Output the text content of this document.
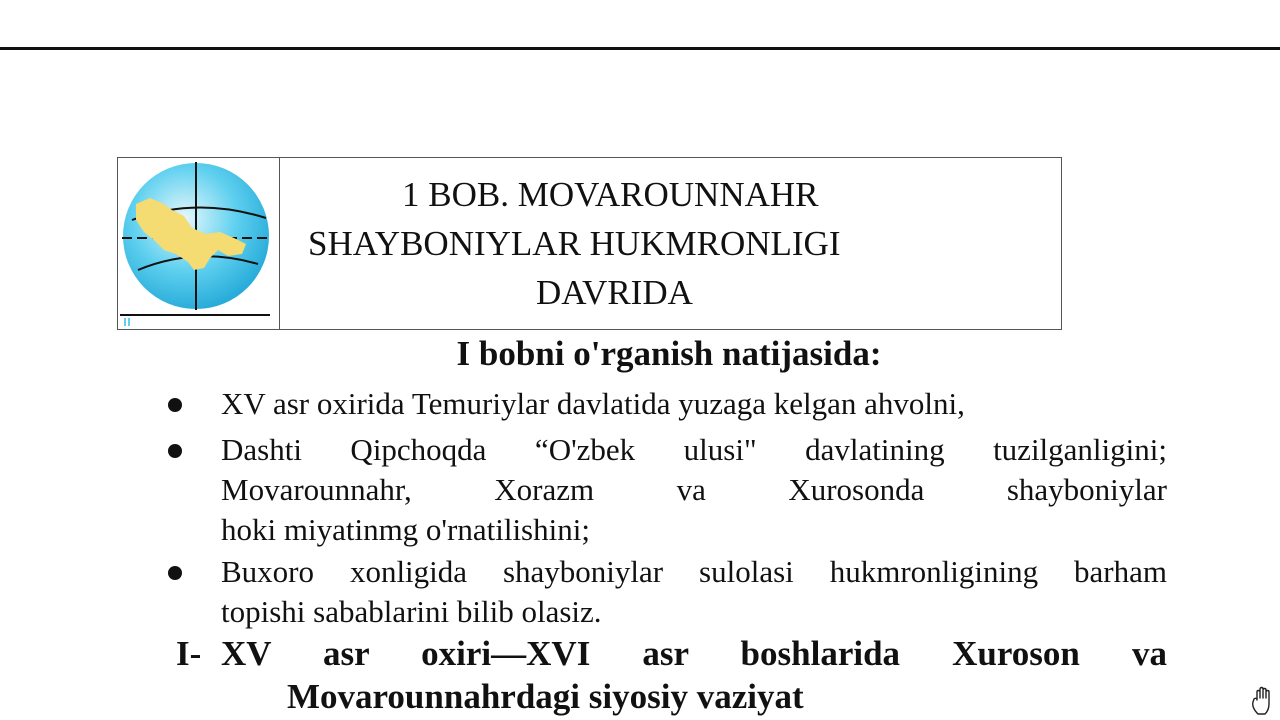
1 BOB. MOVAROUNNAHR
SHAYBONIYLAR HUKMRONLIGI
DAVRIDA
I bobni o'rganish natijasida:
XV asr oxirida Temuriylar davlatida yuzaga kelgan ahvolni,
Dashti Qipchoqda “O'zbek ulusi" davlatining tuzilganligini;
Movarounnahr, Xorazm va Xurosonda shayboniylar
hoki miyatinmg o'rnatilishini;
Buxoro xonligida shayboniylar sulolasi hukmronligining barham
topishi sabablarini bilib olasiz.
I- XV asr oxiri—XVI asr boshlarida Xuroson va
Movarounnahrdagi siyosiy vaziyat
